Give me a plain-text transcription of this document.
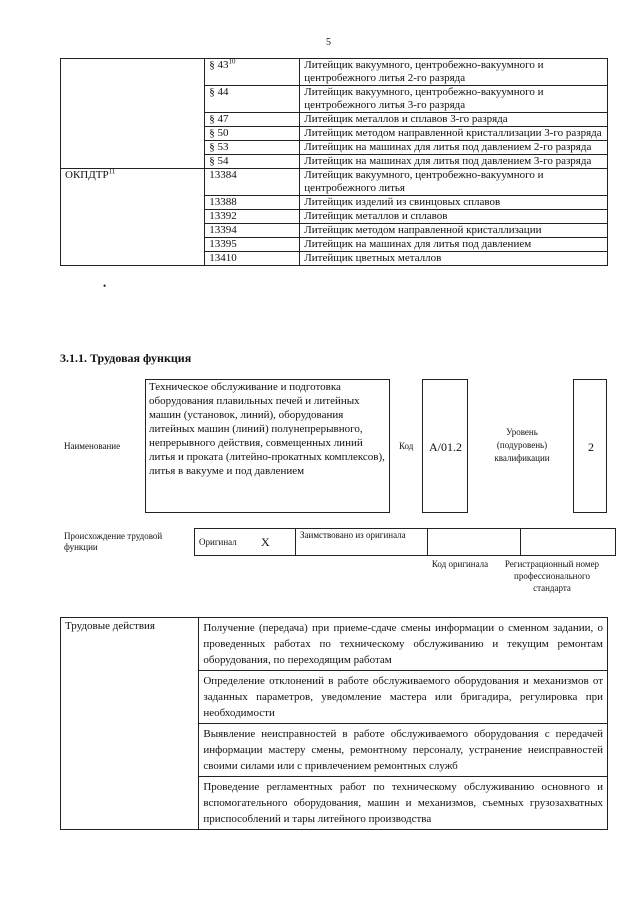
5
	§ $43^{10}$	Литейщик вакуумного, центробежно-вакуумного и центробежного литья 2-го разряда
	§ 44	Литейщик вакуумного, центробежно-вакуумного и центробежного литья 3-го разряда
	§ 47	Литейщик металлов и сплавов 3-го разряда
	§ 50	Литейщик методом направленной кристаллизации 3-го разряда
	§ 53	Литейщик на машинах для литья под давлением 2-го разряда
	§ 54	Литейщик на машинах для литья под давлением 3-го разряда
ОКПДТР$^{11}$	13384	Литейщик вакуумного, центробежно-вакуумного и центробежного литья
	13388	Литейщик изделий из свинцовых сплавов
	13392	Литейщик металлов и сплавов
	13394	Литейщик методом направленной кристаллизации
	13395	Литейщик на машинах для литья под давлением
	13410	Литейщик цветных металлов
•
3.1.1. Трудовая функция
Наименование
Техническое обслуживание и подготовка оборудования плавильных печей и литейных машин (установок, линий), оборудования литейных машин (линий) полунепрерывного, непрерывного действия, совмещенных линий литья и проката (литейно-прокатных комплексов), литья в вакууме и под давлением
Код A/01.2
Уровень (подуровень) квалификации
2
Происхождение трудовой функции
Оригинал	X	Заимствовано из оригинала		
Код оригинала Регистрационный номер профессионального стандарта
Трудовые действия	Получение (передача) при приеме-сдаче смены информации о сменном задании, о проведенных работах по техническому обслуживанию и текущим ремонтам оборудования, по переходящим работам
Определение отклонений в работе обслуживаемого оборудования и механизмов от заданных параметров, уведомление мастера или бригадира, регулировка при необходимости
Выявление неисправностей в работе обслуживаемого оборудования с передачей информации мастеру смены, ремонтному персоналу, устранение неисправностей своими силами или с привлечением ремонтных служб
Проведение регламентных работ по техническому обслуживанию основного и вспомогательного оборудования, машин и механизмов, съемных грузозахватных приспособлений и тары литейного производства
